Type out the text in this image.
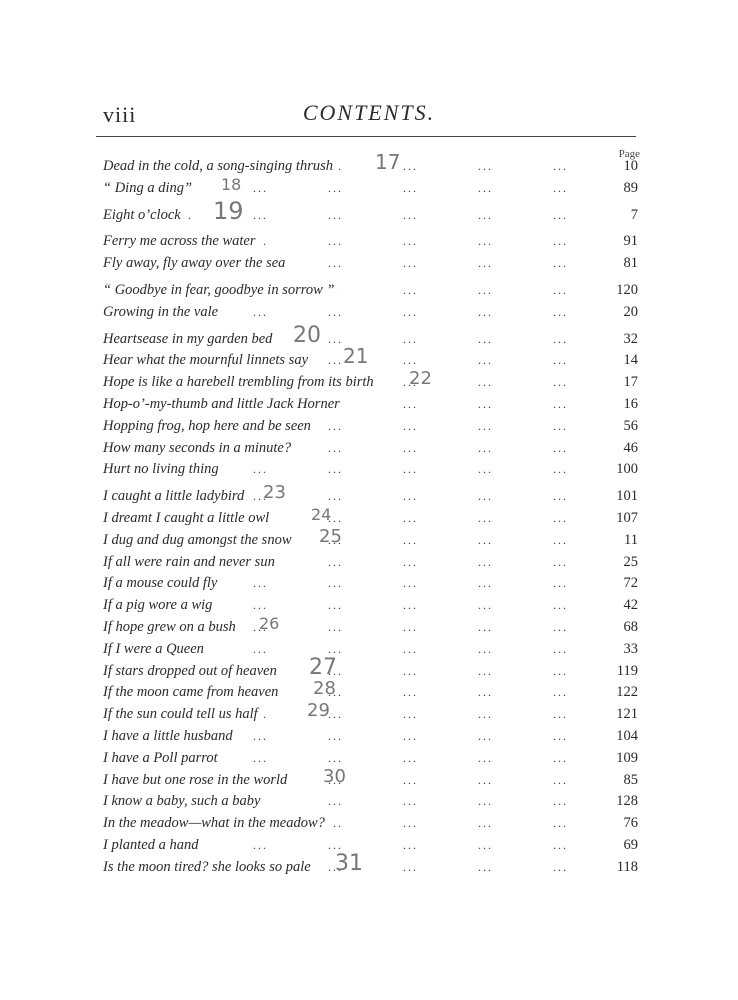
viii	CONTENTS.
Page
...
Dead in the cold, a song-singing thrush	10
17
...
“ Ding a ding”	89
18
...
Eight o’clock	7
19
...
Ferry me across the water	91
...
Fly away, fly away over the sea	81
...
“ Goodbye in fear, goodbye in sorrow ”	120
...
Growing in the vale	20
...
Heartsease in my garden bed	32
20
...
Hear what the mournful linnets say	14
21
...
Hope is like a harebell trembling from its birth	17
22
...
Hop-o’-my-thumb and little Jack Horner	16
...
Hopping frog, hop here and be seen	56
...
How many seconds in a minute?	46
...
Hurt no living thing	100
...
I caught a little ladybird	101
23
...
I dreamt I caught a little owl	107
24
...
I dug and dug amongst the snow	11
25
...
If all were rain and never sun	25
...
If a mouse could fly	72
...
If a pig wore a wig	42
...
If hope grew on a bush	68
26
...
If I were a Queen	33
...
If stars dropped out of heaven	119
27
...
If the moon came from heaven	122
28
...
If the sun could tell us half	121
29
...
I have a little husband	104
...
I have a Poll parrot	109
...
I have but one rose in the world	85
30
...
I know a baby, such a baby	128
...
In the meadow—what in the meadow?	76
...
I planted a hand	69
...
Is the moon tired? she looks so pale	118
31
